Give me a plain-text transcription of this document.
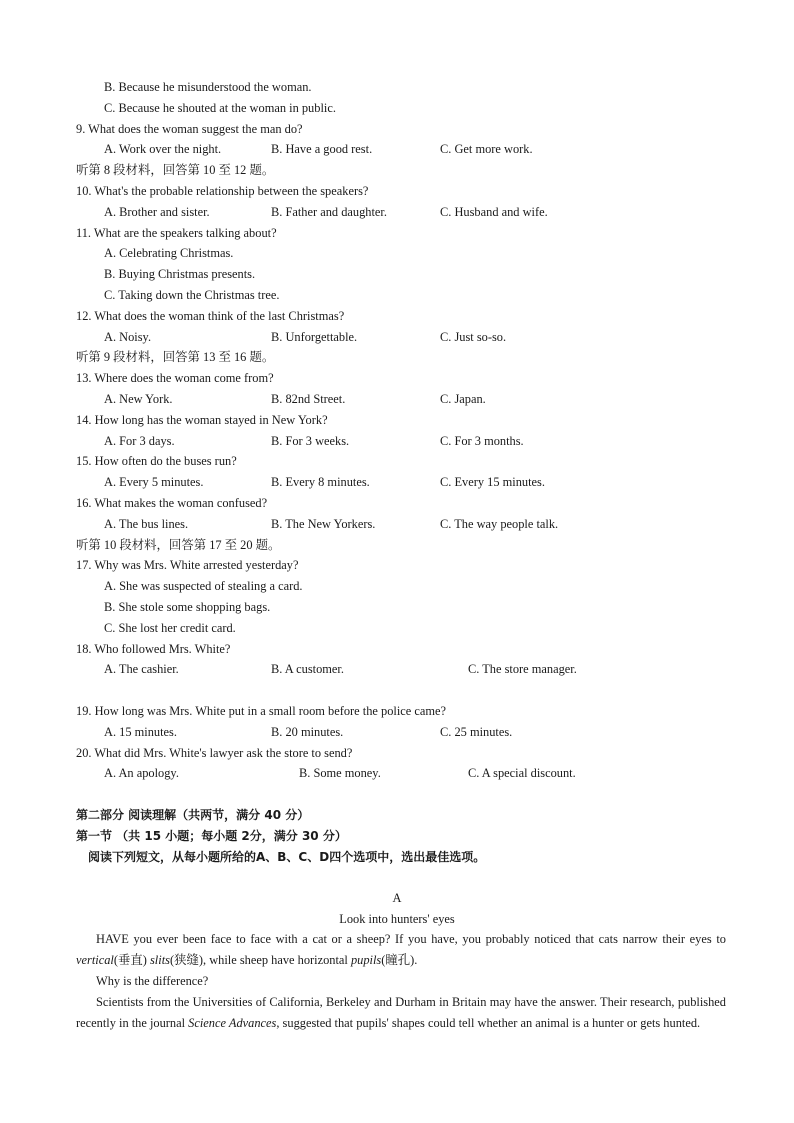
B. Because he misunderstood the woman.
C. Because he shouted at the woman in public.
9. What does the woman suggest the man do?
A. Work over the night.	B. Have a good rest.	C. Get more work.
听第 8 段材料，回答第 10 至 12 题。
10. What's the probable relationship between the speakers?
A. Brother and sister.	B. Father and daughter.	C. Husband and wife.
11. What are the speakers talking about?
A. Celebrating Christmas.
B. Buying Christmas presents.
C. Taking down the Christmas tree.
12. What does the woman think of the last Christmas?
A. Noisy.	B. Unforgettable.	C. Just so-so.
听第 9 段材料，回答第 13 至 16 题。
13. Where does the woman come from?
A. New York.	B. 82nd Street.	C. Japan.
14. How long has the woman stayed in New York?
A. For 3 days.	B. For 3 weeks.	C. For 3 months.
15. How often do the buses run?
A. Every 5 minutes.	B. Every 8 minutes.	C. Every 15 minutes.
16. What makes the woman confused?
A. The bus lines.	B. The New Yorkers.	C. The way people talk.
听第 10 段材料，回答第 17 至 20 题。
17. Why was Mrs. White arrested yesterday?
A. She was suspected of stealing a card.
B. She stole some shopping bags.
C. She lost her credit card.
18. Who followed Mrs. White?
A. The cashier.	B. A customer.	C. The store manager.
19. How long was Mrs. White put in a small room before the police came?
A. 15 minutes.	B. 20 minutes.	C. 25 minutes.
20. What did Mrs. White's lawyer ask the store to send?
A. An apology.	B. Some money.	C. A special discount.
第二部分 阅读理解（共两节，满分 40 分）
第一节 （共 15 小题；每小题 2分，满分 30 分）
阅读下列短文，从每小题所给的A、B、C、D四个选项中，选出最佳选项。
A
Look into hunters' eyes
HAVE you ever been face to face with a cat or a sheep? If you have, you probably noticed that cats narrow their eyes to vertical(垂直) slits(狭缝), while sheep have horizontal pupils(瞳孔).
Why is the difference?
Scientists from the Universities of California, Berkeley and Durham in Britain may have the answer. Their research, published recently in the journal Science Advances, suggested that pupils' shapes could tell whether an animal is a hunter or gets hunted.
